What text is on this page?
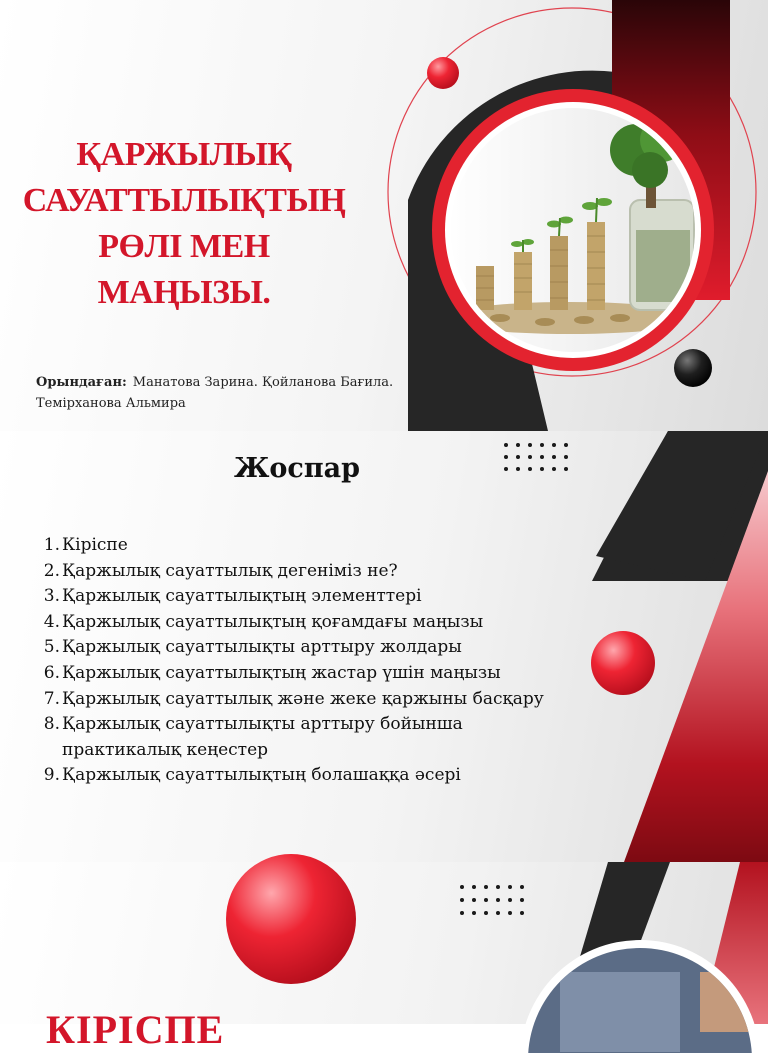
ҚАРЖЫЛЫҚ
САУАТТЫЛЫҚТЫҢ
РӨЛІ МЕН МАҢЫЗЫ.
Орындаған: Манатова Зарина. Қойланова Бағила.
Темірханова Альмира
Жоспар
1. Кіріспе
2. Қаржылық сауаттылық дегеніміз не?
3. Қаржылық сауаттылықтың элементтері
4. Қаржылық сауаттылықтың қоғамдағы маңызы
5. Қаржылық сауаттылықты арттыру жолдары
6. Қаржылық сауаттылықтың жастар үшін маңызы
7. Қаржылық сауаттылық және жеке қаржыны басқару
8. Қаржылық сауаттылықты арттыру бойынша практикалық кеңестер
9. Қаржылық сауаттылықтың болашаққа әсері
КІРІСПЕ
